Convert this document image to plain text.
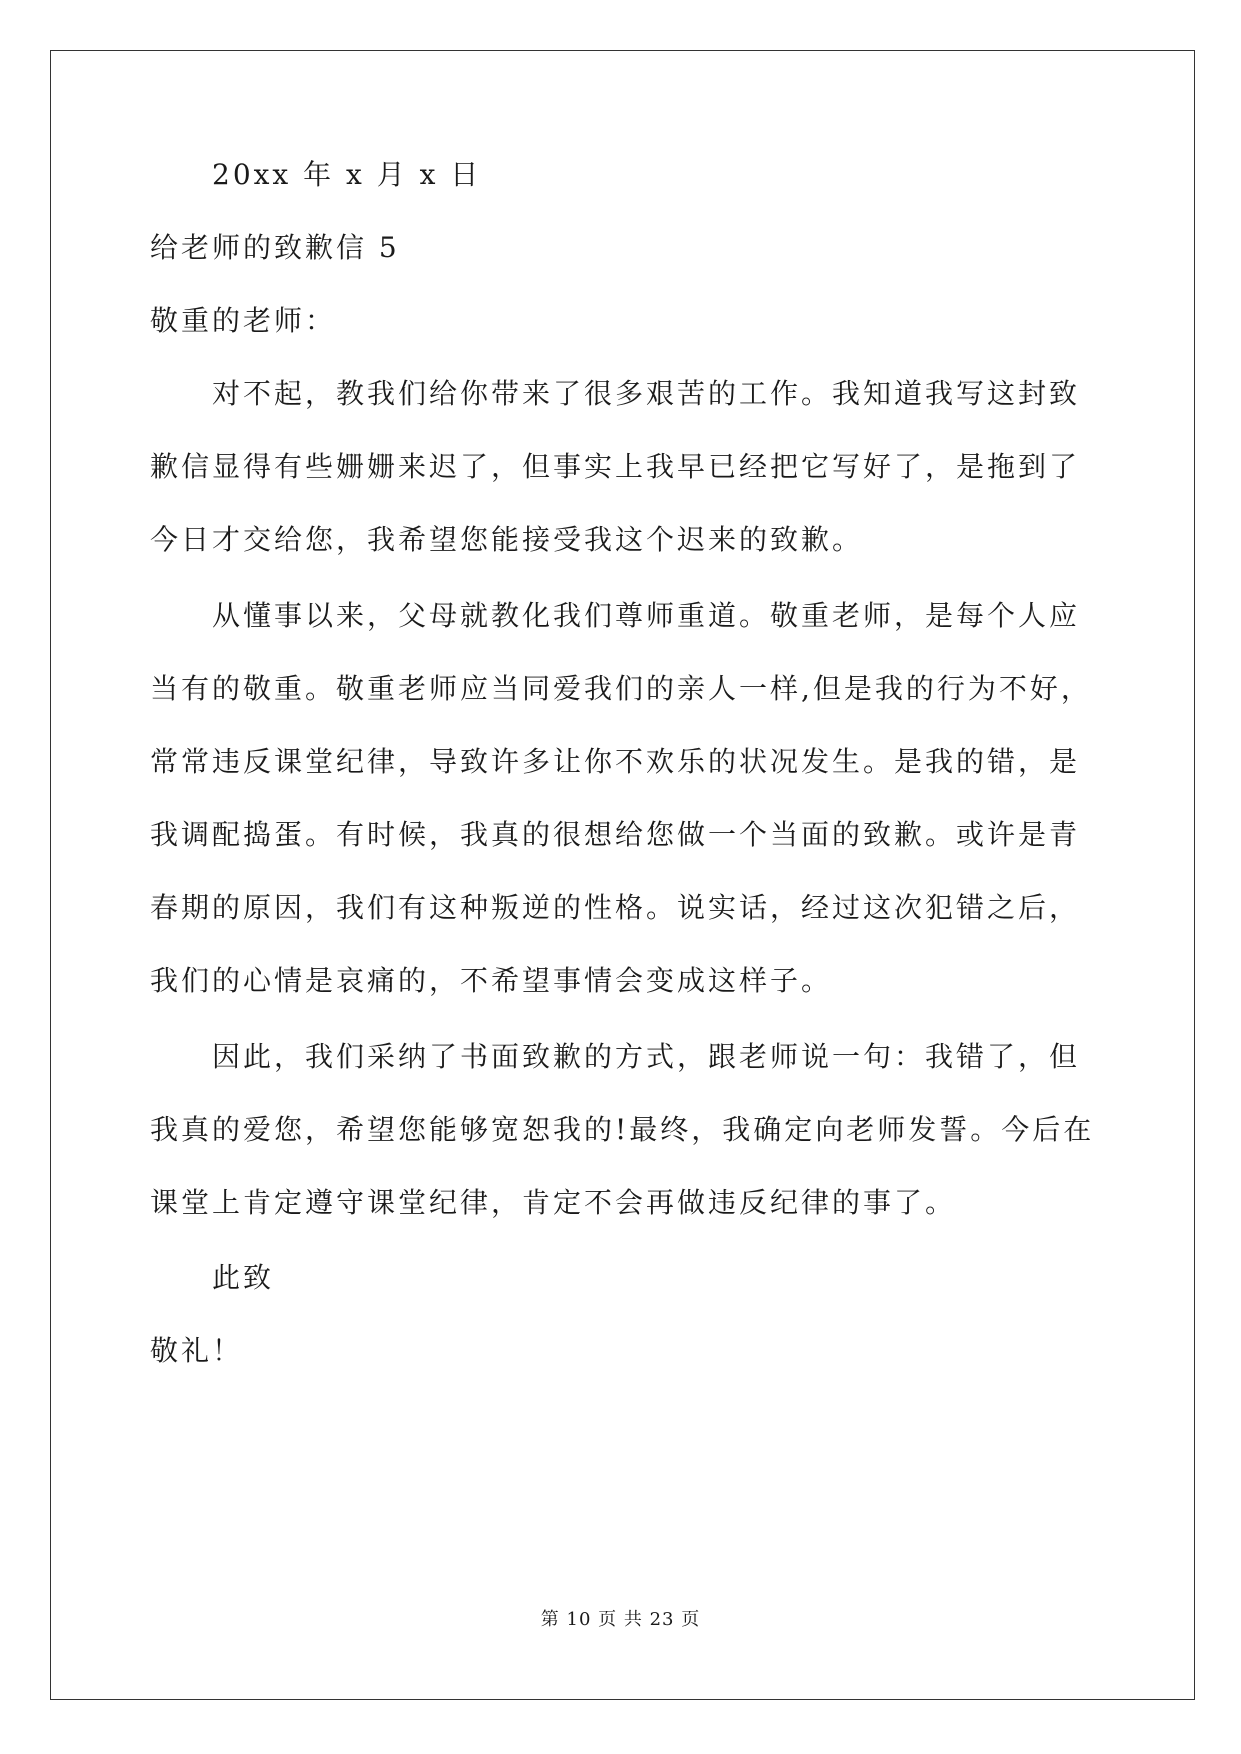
20xx 年 x 月 x 日
给老师的致歉信 5
敬重的老师：
对不起，教我们给你带来了很多艰苦的工作。我知道我写这封致
歉信显得有些姗姗来迟了，但事实上我早已经把它写好了，是拖到了
今日才交给您，我希望您能接受我这个迟来的致歉。
从懂事以来，父母就教化我们尊师重道。敬重老师，是每个人应
当有的敬重。敬重老师应当同爱我们的亲人一样,但是我的行为不好，
常常违反课堂纪律，导致许多让你不欢乐的状况发生。是我的错，是
我调配捣蛋。有时候，我真的很想给您做一个当面的致歉。或许是青
春期的原因，我们有这种叛逆的性格。说实话，经过这次犯错之后，
我们的心情是哀痛的，不希望事情会变成这样子。
因此，我们采纳了书面致歉的方式，跟老师说一句：我错了，但
我真的爱您，希望您能够宽恕我的!最终，我确定向老师发誓。今后在
课堂上肯定遵守课堂纪律，肯定不会再做违反纪律的事了。
此致
敬礼！
第 10 页 共 23 页
